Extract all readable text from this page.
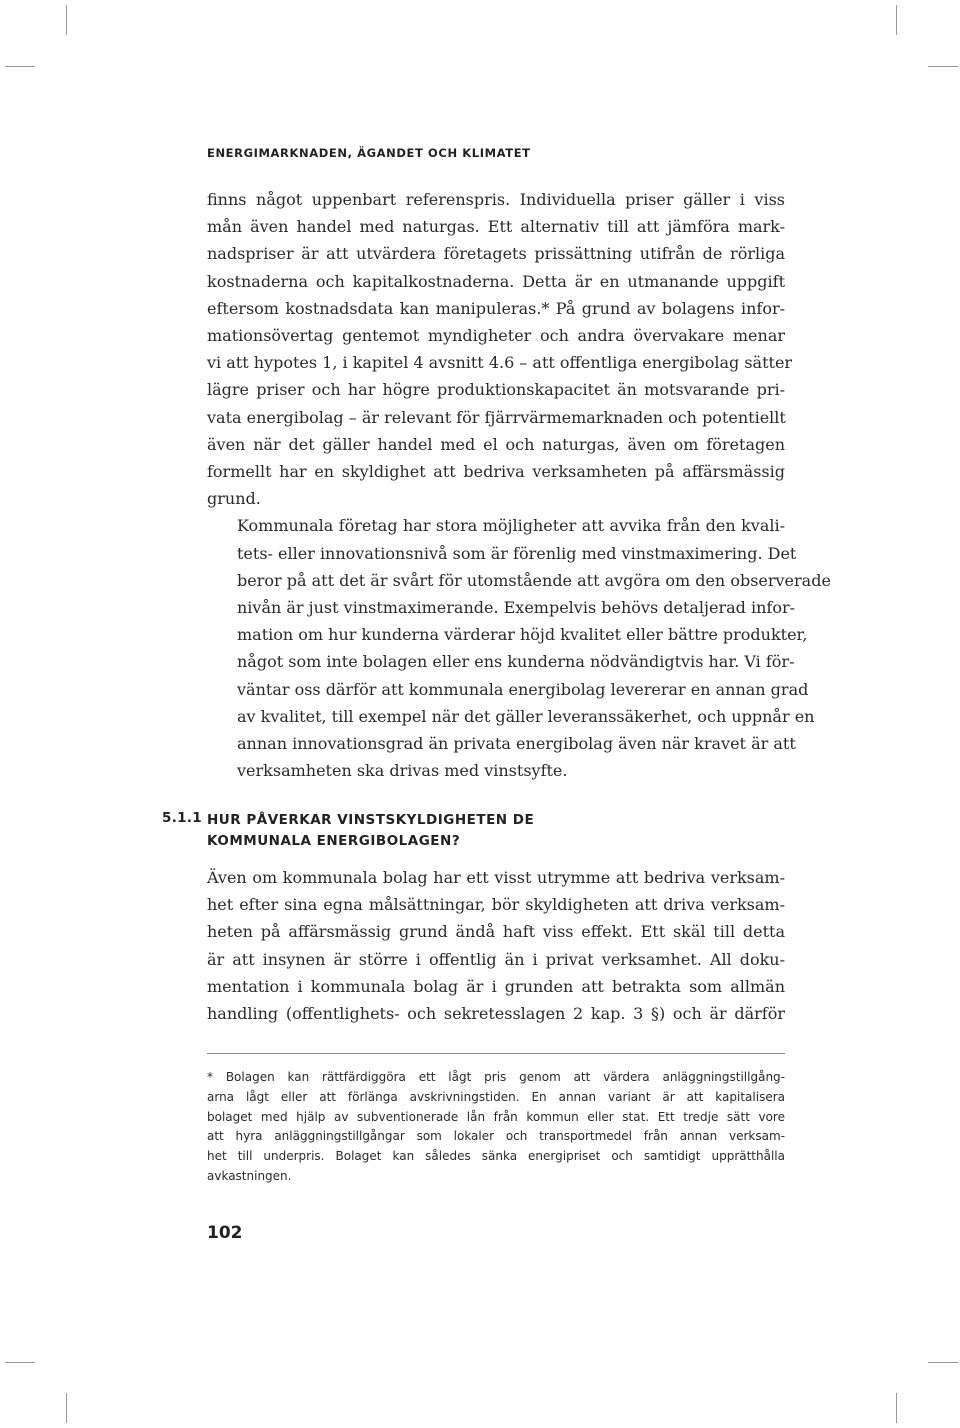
ENERGIMARKNADEN, ÄGANDET OCH KLIMATET

finns något uppenbart referenspris. Individuella priser gäller i viss
mån även handel med naturgas. Ett alternativ till att jämföra mark-
nadspriser är att utvärdera företagets prissättning utifrån de rörliga
kostnaderna och kapitalkostnaderna. Detta är en utmanande uppgift
eftersom kostnadsdata kan manipuleras.* På grund av bolagens infor-
mationsövertag gentemot myndigheter och andra övervakare menar
vi att hypotes 1, i kapitel 4 avsnitt 4.6 – att offentliga energibolag sätter
lägre priser och har högre produktionskapacitet än motsvarande pri-
vata energibolag – är relevant för fjärrvärmemarknaden och potentiellt
även när det gäller handel med el och naturgas, även om företagen
formellt har en skyldighet att bedriva verksamheten på affärsmässig
grund.

Kommunala företag har stora möjligheter att avvika från den kvali-
tets- eller innovationsnivå som är förenlig med vinstmaximering. Det
beror på att det är svårt för utomstående att avgöra om den observerade
nivån är just vinstmaximerande. Exempelvis behövs detaljerad infor-
mation om hur kunderna värderar höjd kvalitet eller bättre produkter,
något som inte bolagen eller ens kunderna nödvändigtvis har. Vi för-
väntar oss därför att kommunala energibolag levererar en annan grad
av kvalitet, till exempel när det gäller leveranssäkerhet, och uppnår en
annan innovationsgrad än privata energibolag även när kravet är att
verksamheten ska drivas med vinstsyfte.

5.1.1 HUR PÅVERKAR VINSTSKYLDIGHETEN DE
KOMMUNALA ENERGIBOLAGEN?

Även om kommunala bolag har ett visst utrymme att bedriva verksam-
het efter sina egna målsättningar, bör skyldigheten att driva verksam-
heten på affärsmässig grund ändå haft viss effekt. Ett skäl till detta
är att insynen är större i offentlig än i privat verksamhet. All doku-
mentation i kommunala bolag är i grunden att betrakta som allmän
handling (offentlighets- och sekretesslagen 2 kap. 3 §) och är därför

* Bolagen kan rättfärdiggöra ett lågt pris genom att värdera anläggningstillgång-
arna lågt eller att förlänga avskrivningstiden. En annan variant är att kapitalisera
bolaget med hjälp av subventionerade lån från kommun eller stat. Ett tredje sätt vore
att hyra anläggningstillgångar som lokaler och transportmedel från annan verksam-
het till underpris. Bolaget kan således sänka energipriset och samtidigt upprätthålla
avkastningen.
102
